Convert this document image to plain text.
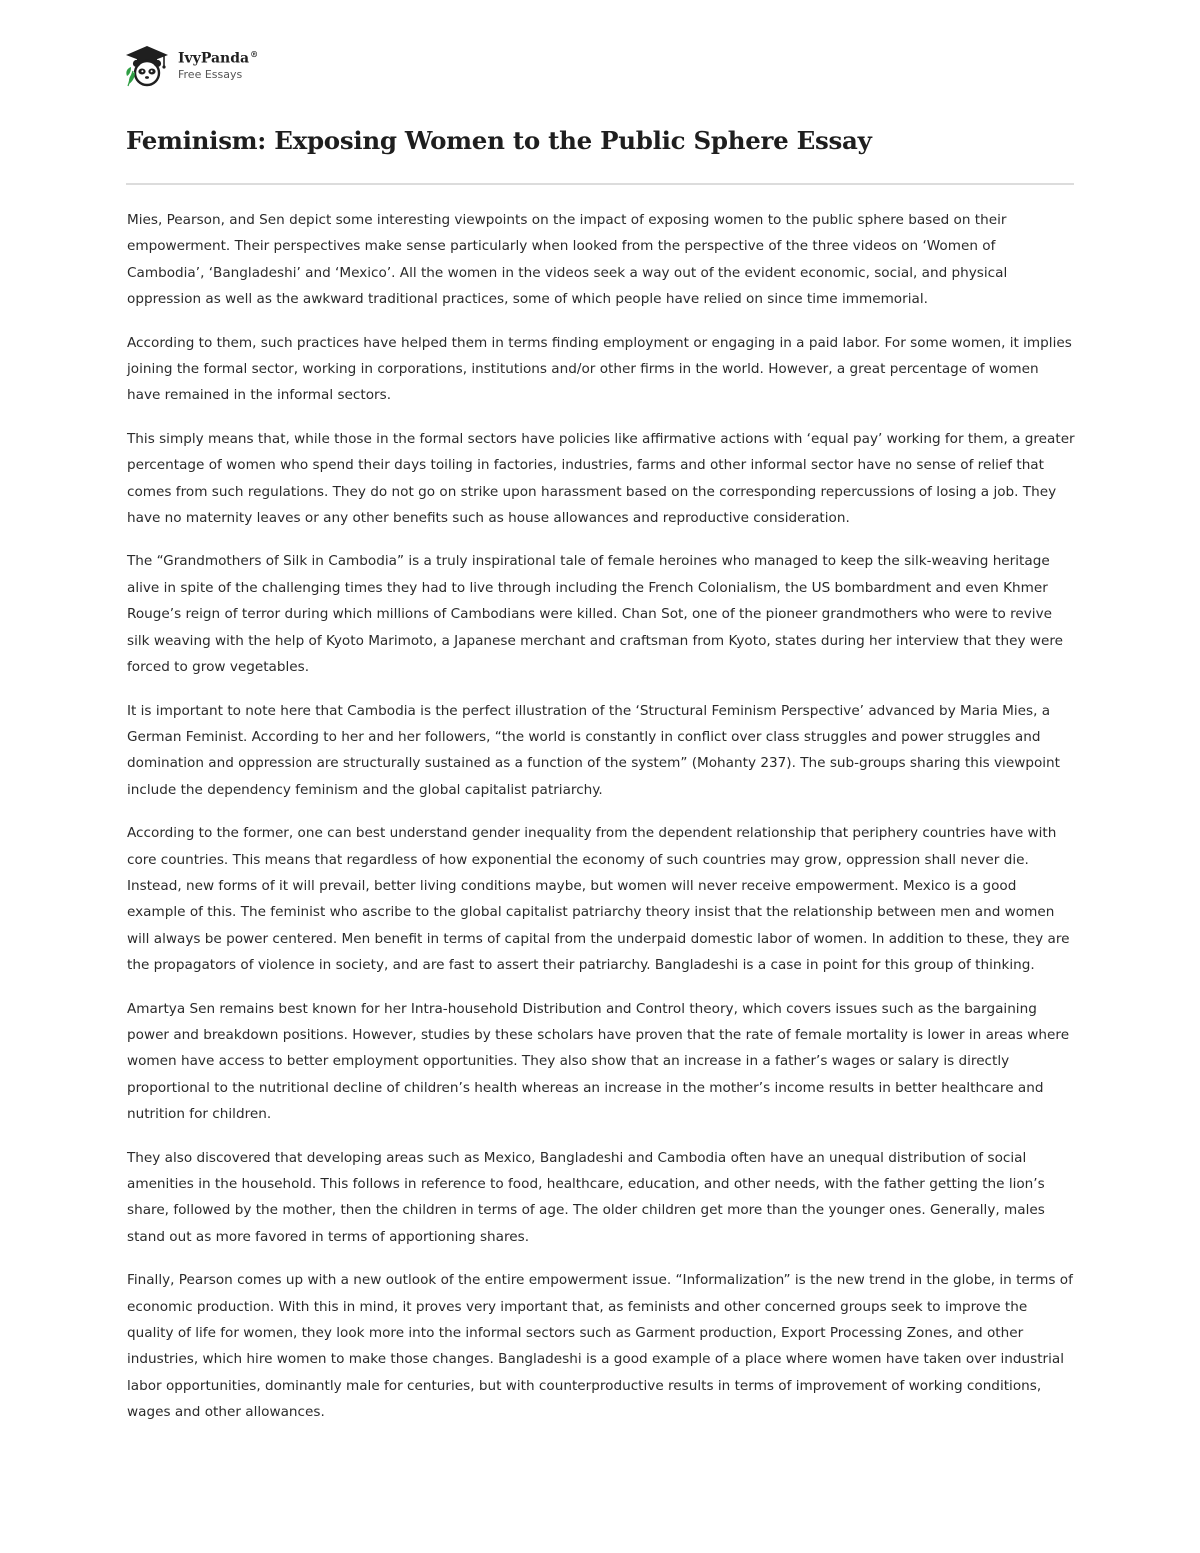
IvyPanda®
Free Essays
Feminism: Exposing Women to the Public Sphere Essay

Mies, Pearson, and Sen depict some interesting viewpoints on the impact of exposing women to the public sphere based on their empowerment. Their perspectives make sense particularly when looked from the perspective of the three videos on ‘Women of Cambodia’, ‘Bangladeshi’ and ‘Mexico’. All the women in the videos seek a way out of the evident economic, social, and physical oppression as well as the awkward traditional practices, some of which people have relied on since time immemorial.

According to them, such practices have helped them in terms finding employment or engaging in a paid labor. For some women, it implies joining the formal sector, working in corporations, institutions and/or other firms in the world. However, a great percentage of women have remained in the informal sectors.

This simply means that, while those in the formal sectors have policies like affirmative actions with ‘equal pay’ working for them, a greater percentage of women who spend their days toiling in factories, industries, farms and other informal sector have no sense of relief that comes from such regulations. They do not go on strike upon harassment based on the corresponding repercussions of losing a job. They have no maternity leaves or any other benefits such as house allowances and reproductive consideration.

The “Grandmothers of Silk in Cambodia” is a truly inspirational tale of female heroines who managed to keep the silk-weaving heritage alive in spite of the challenging times they had to live through including the French Colonialism, the US bombardment and even Khmer Rouge’s reign of terror during which millions of Cambodians were killed. Chan Sot, one of the pioneer grandmothers who were to revive silk weaving with the help of Kyoto Marimoto, a Japanese merchant and craftsman from Kyoto, states during her interview that they were forced to grow vegetables.

It is important to note here that Cambodia is the perfect illustration of the ‘Structural Feminism Perspective’ advanced by Maria Mies, a German Feminist. According to her and her followers, “the world is constantly in conflict over class struggles and power struggles and domination and oppression are structurally sustained as a function of the system” (Mohanty 237). The sub-groups sharing this viewpoint include the dependency feminism and the global capitalist patriarchy.

According to the former, one can best understand gender inequality from the dependent relationship that periphery countries have with core countries. This means that regardless of how exponential the economy of such countries may grow, oppression shall never die. Instead, new forms of it will prevail, better living conditions maybe, but women will never receive empowerment. Mexico is a good example of this. The feminist who ascribe to the global capitalist patriarchy theory insist that the relationship between men and women will always be power centered. Men benefit in terms of capital from the underpaid domestic labor of women. In addition to these, they are the propagators of violence in society, and are fast to assert their patriarchy. Bangladeshi is a case in point for this group of thinking.

Amartya Sen remains best known for her Intra-household Distribution and Control theory, which covers issues such as the bargaining power and breakdown positions. However, studies by these scholars have proven that the rate of female mortality is lower in areas where women have access to better employment opportunities. They also show that an increase in a father’s wages or salary is directly proportional to the nutritional decline of children’s health whereas an increase in the mother’s income results in better healthcare and nutrition for children.

They also discovered that developing areas such as Mexico, Bangladeshi and Cambodia often have an unequal distribution of social amenities in the household. This follows in reference to food, healthcare, education, and other needs, with the father getting the lion’s share, followed by the mother, then the children in terms of age. The older children get more than the younger ones. Generally, males stand out as more favored in terms of apportioning shares.

Finally, Pearson comes up with a new outlook of the entire empowerment issue. “Informalization” is the new trend in the globe, in terms of economic production. With this in mind, it proves very important that, as feminists and other concerned groups seek to improve the quality of life for women, they look more into the informal sectors such as Garment production, Export Processing Zones, and other industries, which hire women to make those changes. Bangladeshi is a good example of a place where women have taken over industrial labor opportunities, dominantly male for centuries, but with counterproductive results in terms of improvement of working conditions, wages and other allowances.
